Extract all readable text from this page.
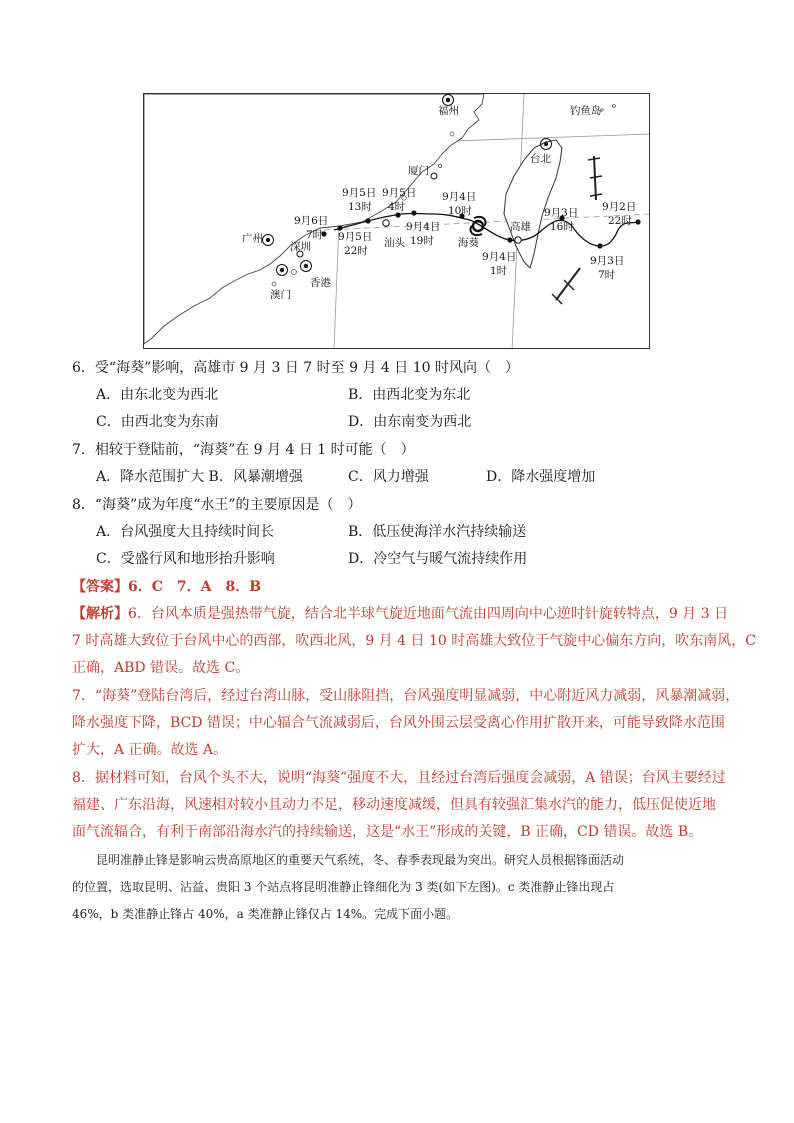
福州	钓鱼岛
台北
厦门
广州
深圳
香港
澳门
汕头
高雄
海葵
9月6日
7时
9月5日
13时
9月5日
4时
9月5日
22时
9月4日
19时
9月4日
10时
9月4日
1时
9月3日
16时
9月3日
7时
9月2日
22时
6．受“海葵”影响，高雄市 9 月 3 日 7 时至 9 月 4 日 10 时风向（　）
A．由东北变为西北	B．由西北变为东北
C．由西北变为东南	D．由东南变为西北
7．相较于登陆前，“海葵”在 9 月 4 日 1 时可能（　）
A．降水范围扩大 B．风暴潮增强	C．风力增强	D．降水强度增加
8．“海葵”成为年度“水王”的主要原因是（　）
A．台风强度大且持续时间长	B．低压使海洋水汽持续输送
C．受盛行风和地形抬升影响	D．冷空气与暖气流持续作用
【答案】6．C　7．A　8．B
【解析】6．台风本质是强热带气旋，结合北半球气旋近地面气流由四周向中心逆时针旋转特点，9 月 3 日
7 时高雄大致位于台风中心的西部，吹西北风，9 月 4 日 10 时高雄大致位于气旋中心偏东方向，吹东南风，C
正确，ABD 错误。故选 C。
7．“海葵”登陆台湾后，经过台湾山脉，受山脉阻挡，台风强度明显减弱，中心附近风力减弱，风暴潮减弱，
降水强度下降，BCD 错误；中心辐合气流减弱后，台风外围云层受离心作用扩散开来，可能导致降水范围
扩大，A 正确。故选 A。
8．据材料可知，台风个头不大，说明“海葵”强度不大，且经过台湾后强度会减弱，A 错误；台风主要经过
福建、广东沿海，风速相对较小且动力不足，移动速度减缓，但具有较强汇集水汽的能力，低压促使近地
面气流辐合，有利于南部沿海水汽的持续输送，这是“水王”形成的关键，B 正确，CD 错误。故选 B。
　　昆明准静止锋是影响云贵高原地区的重要天气系统，冬、春季表现最为突出。研究人员根据锋面活动
的位置，选取昆明、沾益、贵阳 3 个站点将昆明准静止锋细化为 3 类(如下左图)。c 类准静止锋出现占
46%，b 类准静止锋占 40%，a 类准静止锋仅占 14%。完成下面小题。
